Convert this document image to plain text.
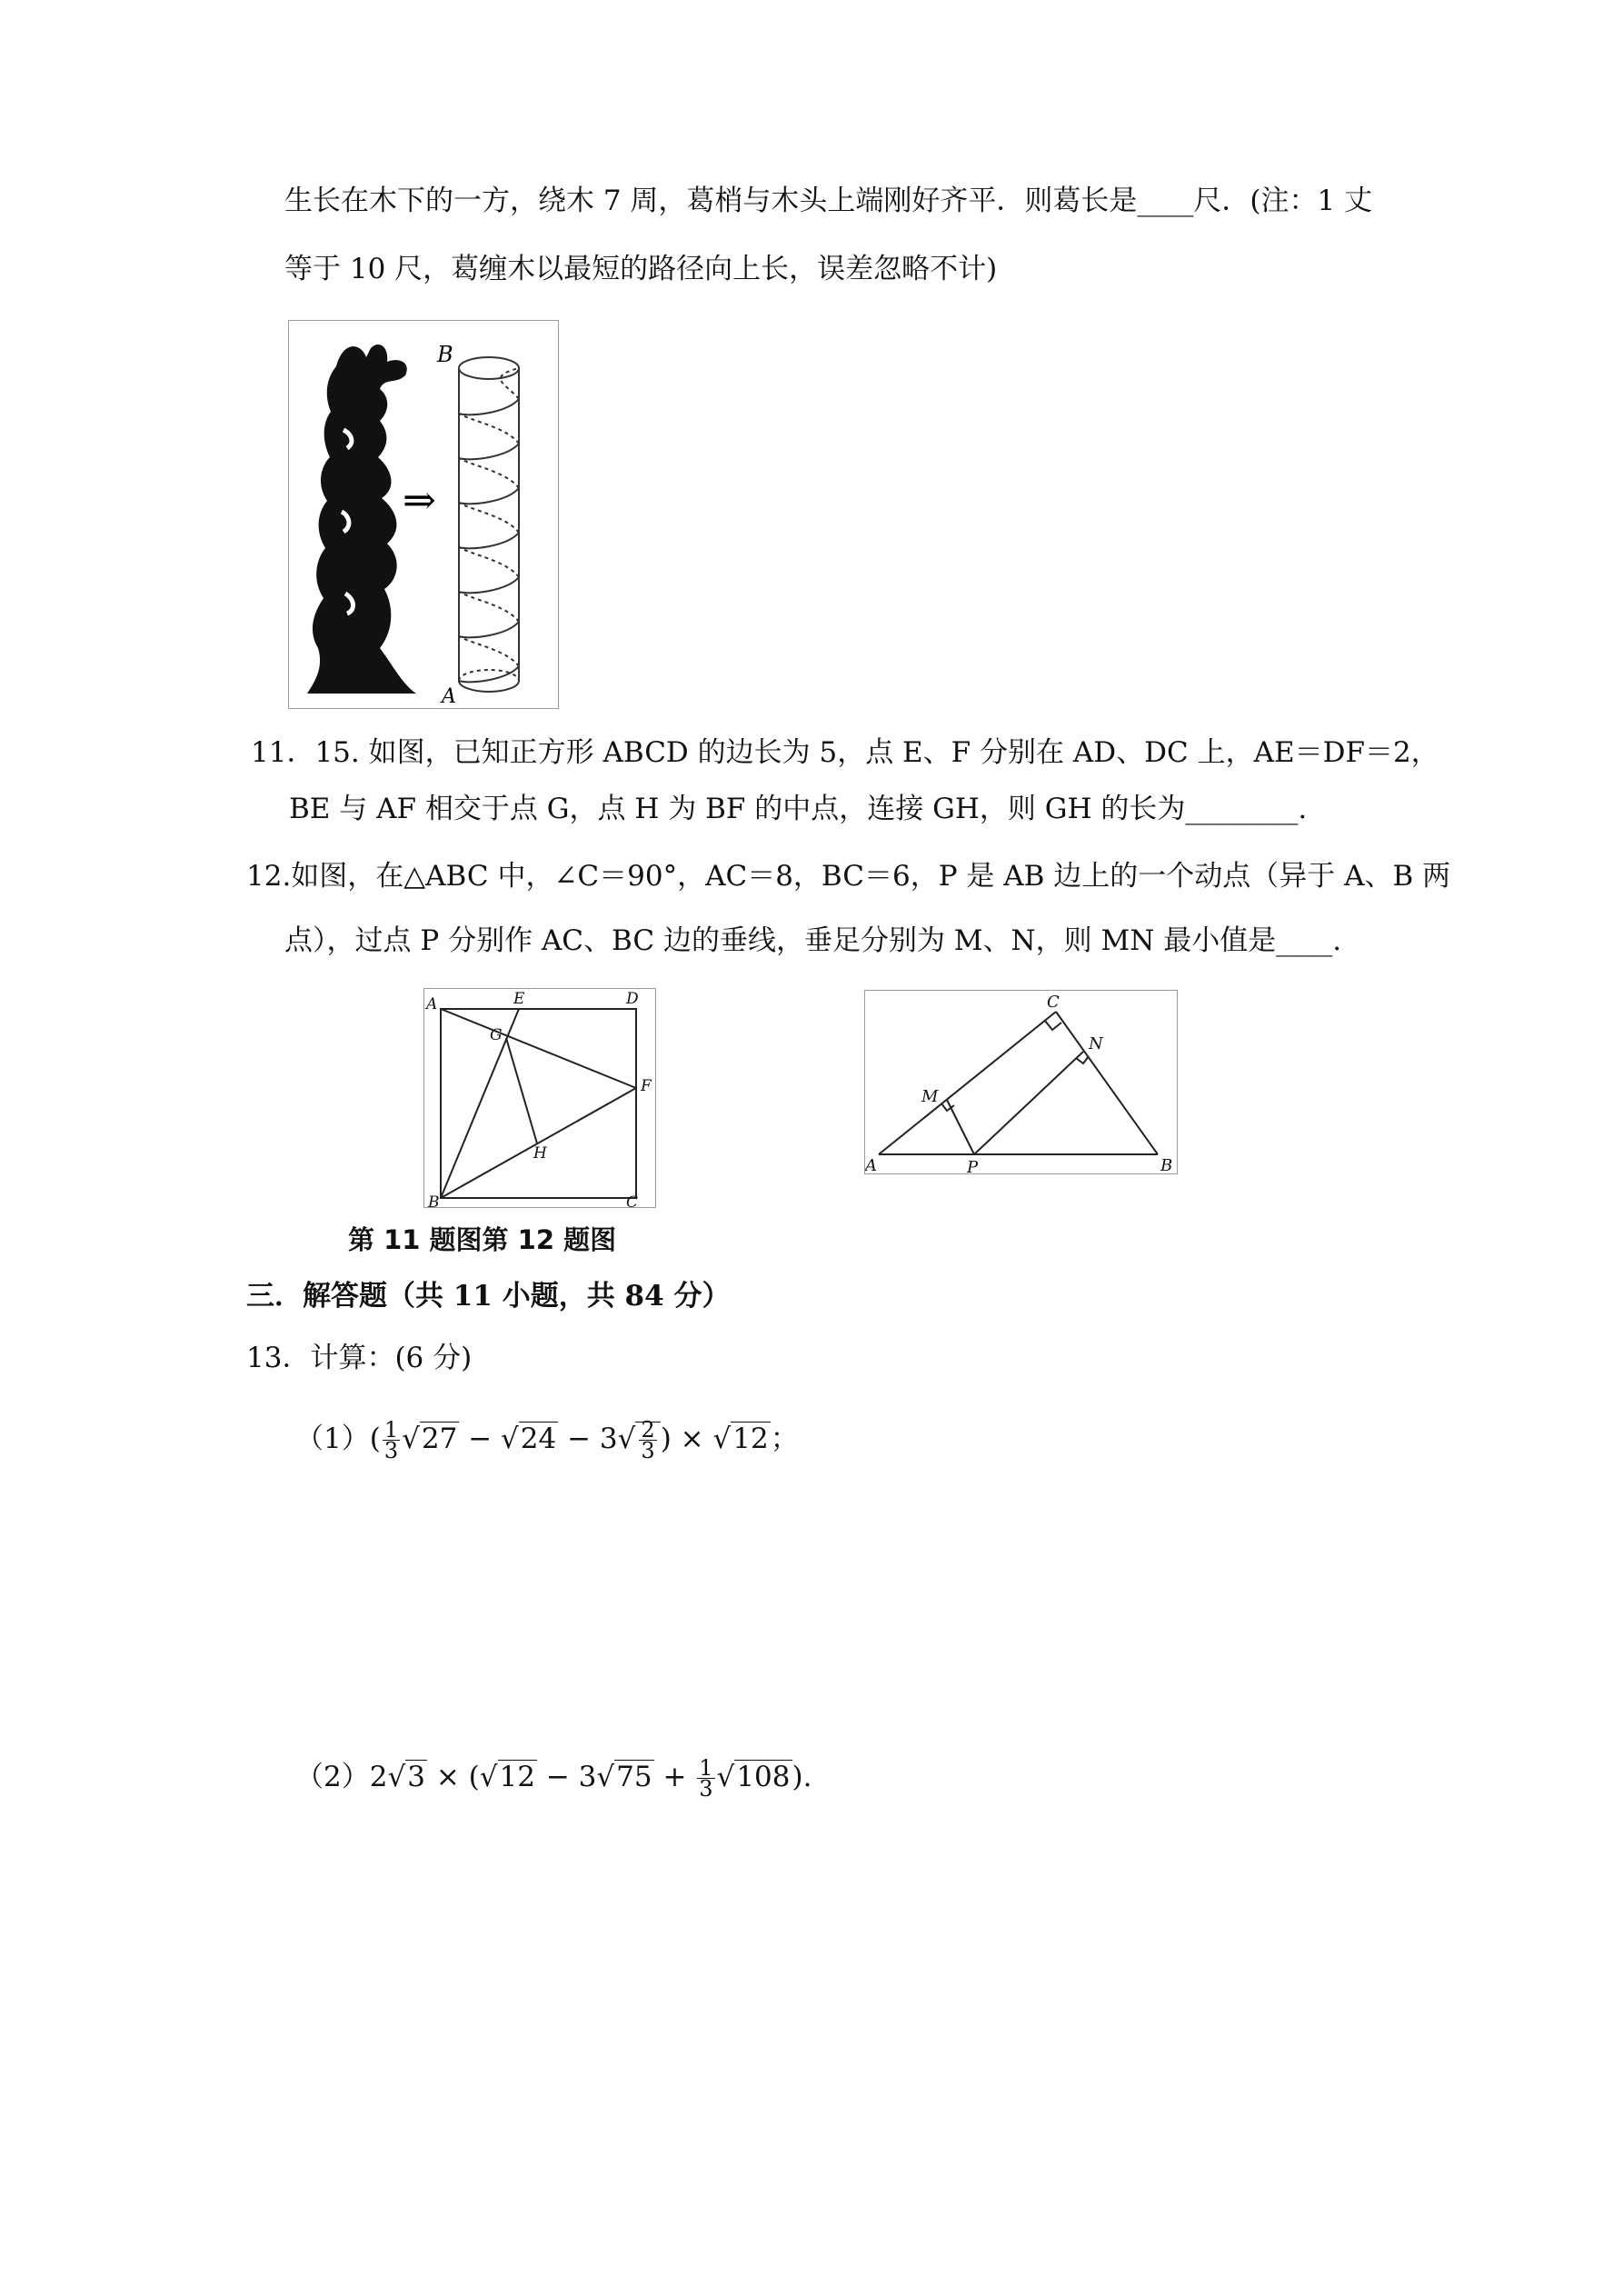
生长在木下的一方，绕木 7 周，葛梢与木头上端刚好齐平．则葛长是____尺．(注：1 丈
等于 10 尺，葛缠木以最短的路径向上长，误差忽略不计)
⇒
B
A
11．15. 如图，已知正方形 ABCD 的边长为 5，点 E、F 分别在 AD、DC 上，AE＝DF＝2，
BE 与 AF 相交于点 G，点 H 为 BF 的中点，连接 GH，则 GH 的长为________.
12.如图，在△ABC 中，∠C＝90°，AC＝8，BC＝6，P 是 AB 边上的一个动点（异于 A、B 两
点），过点 P 分别作 AC、BC 边的垂线，垂足分别为 M、N，则 MN 最小值是____.
A	E	D
G
F
H
B	C
A
C
N
M
P	B
第 11 题图第 12 题图
三．解答题（共 11 小题，共 84 分）
13．计算：(6 分)
$(1)( \frac{1}{3} √27 - √24 - 3√ \frac{2}{3}$ ) × √12；
$(2)2√3 \times (√12 - 3√75 + \frac{1}{3} √108)$.
